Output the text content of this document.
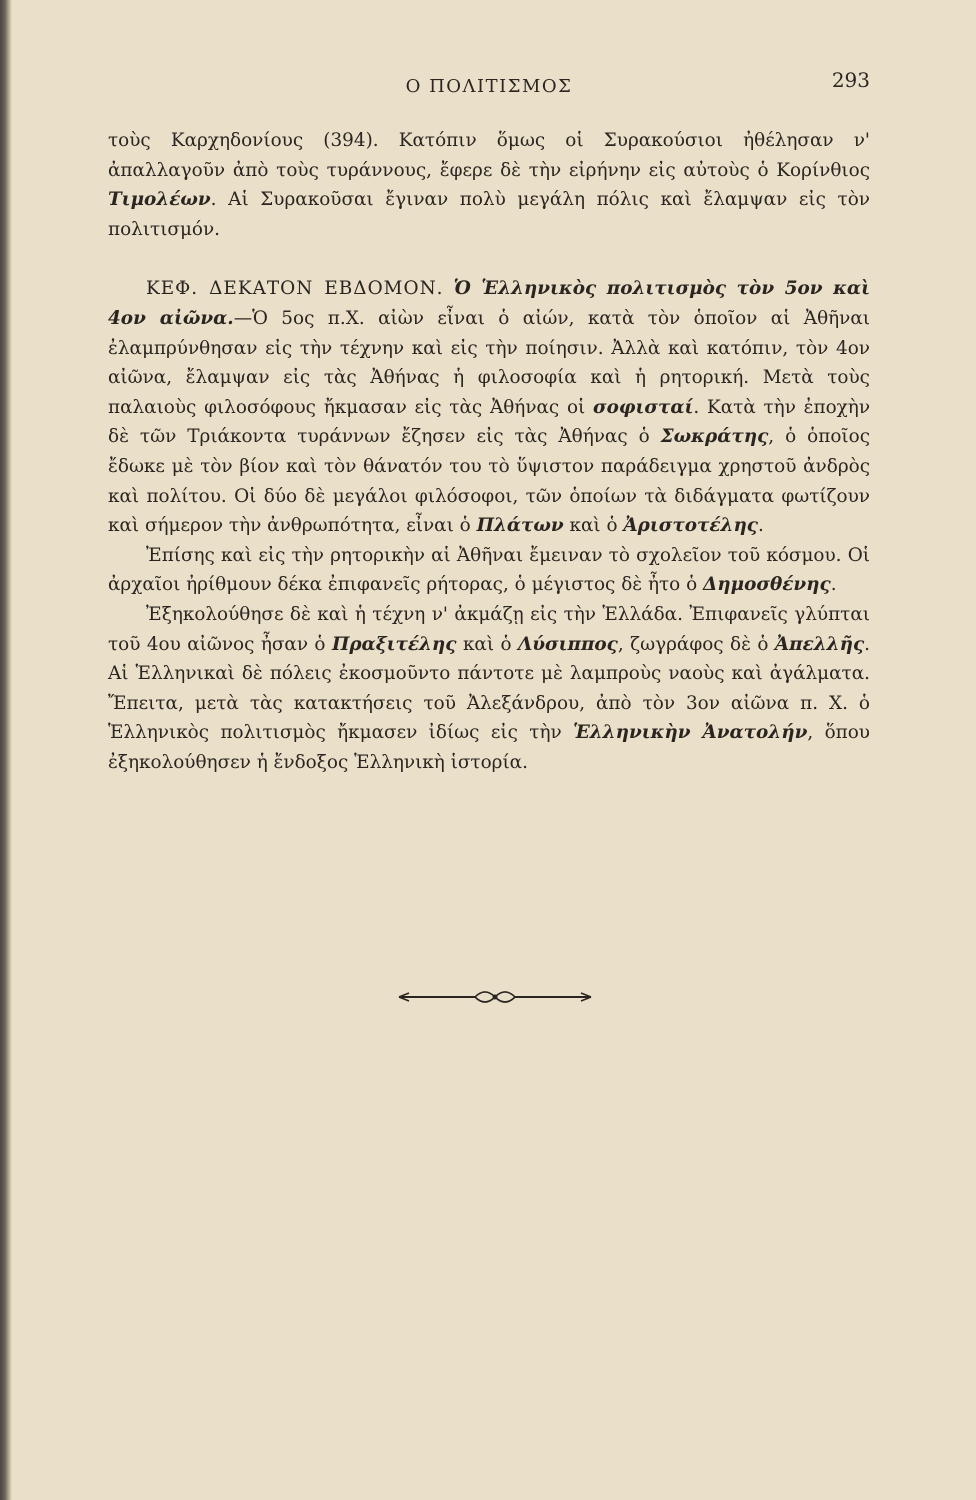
Ο ΠΟΛΙΤΙΣΜΟΣ	293

τοὺς Καρχηδονίους (394). Κατόπιν ὅμως οἱ Συρακούσιοι ἠθέλησαν ν' ἀπαλλαγοῦν ἀπὸ τοὺς τυράννους, ἔφερε δὲ τὴν εἰρήνην εἰς αὐτοὺς ὁ Κορίνθιος Τιμολέων. Αἱ Συρακοῦσαι ἔγιναν πολὺ μεγάλη πόλις καὶ ἔλαμψαν εἰς τὸν πολιτισμόν.

ΚΕΦ. ΔΕΚΑΤΟΝ ΕΒΔΟΜΟΝ. Ὁ Ἑλληνικὸς πολιτισμὸς τὸν 5ον καὶ 4ον αἰῶνα.—Ὁ 5ος π.Χ. αἰὼν εἶναι ὁ αἰών, κατὰ τὸν ὁποῖον αἱ Ἀθῆναι ἐλαμπρύνθησαν εἰς τὴν τέχνην καὶ εἰς τὴν ποίησιν. Ἀλλὰ καὶ κατόπιν, τὸν 4ον αἰῶνα, ἔλαμψαν εἰς τὰς Ἀθήνας ἡ φιλοσοφία καὶ ἡ ρητορική. Μετὰ τοὺς παλαιοὺς φιλοσόφους ἤκμασαν εἰς τὰς Ἀθήνας οἱ σοφισταί. Κατὰ τὴν ἐποχὴν δὲ τῶν Τριάκοντα τυράννων ἔζησεν εἰς τὰς Ἀθήνας ὁ Σωκράτης, ὁ ὁποῖος ἔδωκε μὲ τὸν βίον καὶ τὸν θάνατόν του τὸ ὕψιστον παράδειγμα χρηστοῦ ἀνδρὸς καὶ πολίτου. Οἱ δύο δὲ μεγάλοι φιλόσοφοι, τῶν ὁποίων τὰ διδάγματα φωτίζουν καὶ σήμερον τὴν ἀνθρωπότητα, εἶναι ὁ Πλάτων καὶ ὁ Ἀριστοτέλης.

Ἐπίσης καὶ εἰς τὴν ρητορικὴν αἱ Ἀθῆναι ἔμειναν τὸ σχολεῖον τοῦ κόσμου. Οἱ ἀρχαῖοι ἠρίθμουν δέκα ἐπιφανεῖς ρήτορας, ὁ μέγιστος δὲ ἦτο ὁ Δημοσθένης.

Ἐξηκολούθησε δὲ καὶ ἡ τέχνη ν' ἀκμάζῃ εἰς τὴν Ἑλλάδα. Ἐπιφανεῖς γλύπται τοῦ 4ου αἰῶνος ἦσαν ὁ Πραξιτέλης καὶ ὁ Λύσιππος, ζωγράφος δὲ ὁ Ἀπελλῆς. Αἱ Ἑλληνικαὶ δὲ πόλεις ἐκοσμοῦντο πάντοτε μὲ λαμπροὺς ναοὺς καὶ ἀγάλματα. Ἔπειτα, μετὰ τὰς κατακτήσεις τοῦ Ἀλεξάνδρου, ἀπὸ τὸν 3ον αἰῶνα π. Χ. ὁ Ἑλληνικὸς πολιτισμὸς ἤκμασεν ἰδίως εἰς τὴν Ἑλληνικὴν Ἀνατολήν, ὅπου ἐξηκολούθησεν ἡ ἔνδοξος Ἑλληνικὴ ἱστορία.
